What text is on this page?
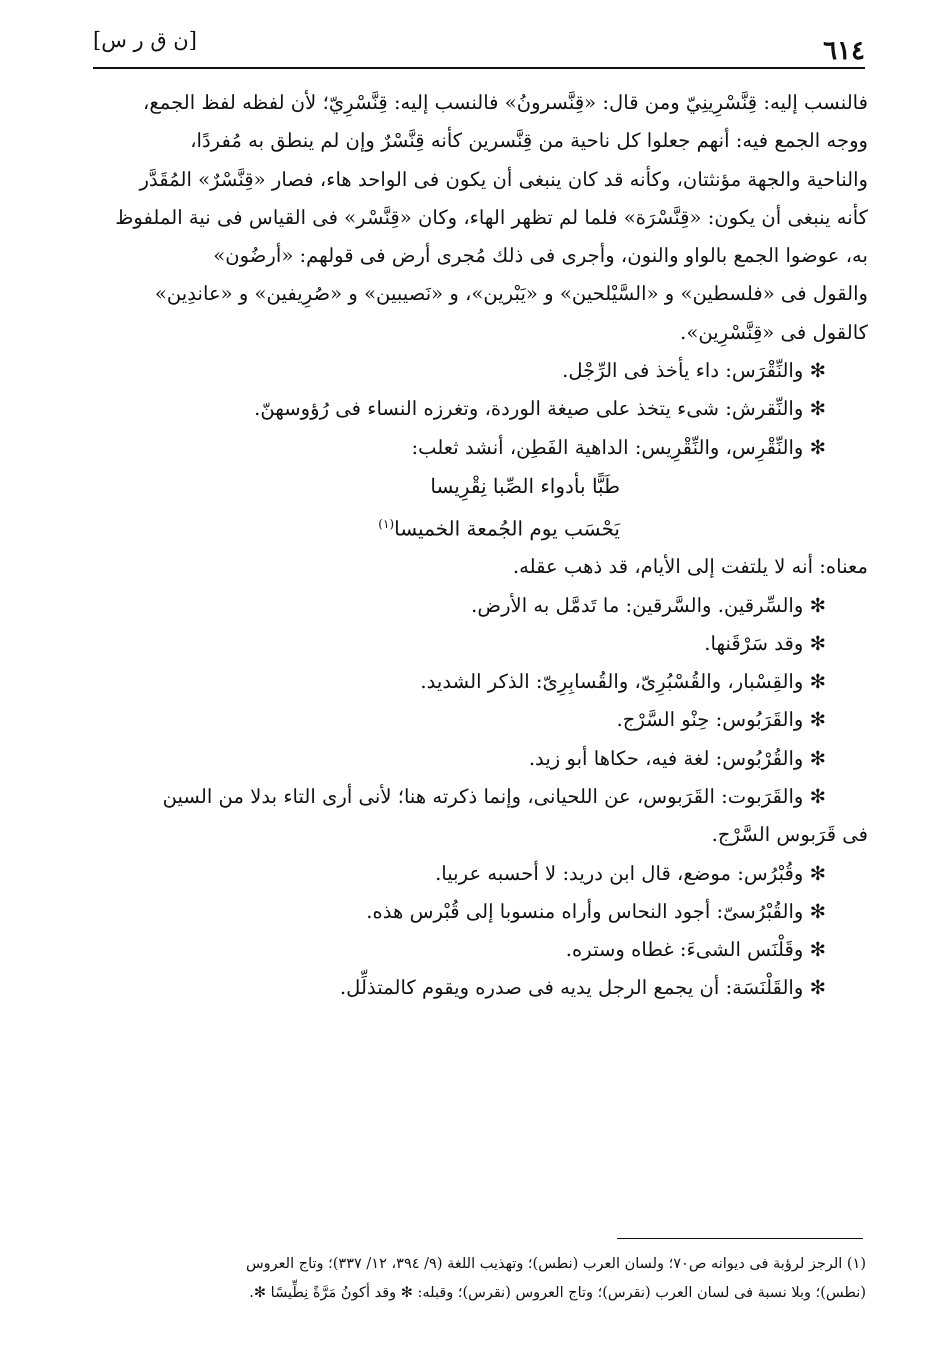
٦١٤
[ن ق ر س]

فالنسب إليه: قِنَّسْرِينِيّ ومن قال: «قِنَّسرونُ» فالنسب إليه: قِنَّسْرِيّ؛ لأن لفظه لفظ الجمع،

ووجه الجمع فيه: أنهم جعلوا كل ناحية من قِنَّسرين كأنه قِنَّسْرٌ وإن لم ينطق به مُفردًا،

والناحية والجهة مؤنثتان، وكأنه قد كان ينبغى أن يكون فى الواحد هاء، فصار «قِنَّسْرٌ» المُقَدَّر

كأنه ينبغى أن يكون: «قِنَّسْرَة» فلما لم تظهر الهاء، وكان «قِنَّسْر» فى القياس فى نية الملفوظ

به، عوضوا الجمع بالواو والنون، وأجرى فى ذلك مُجرى أرض فى قولهم: «أرضُون»

والقول فى «فلسطين» و «السَّيْلحين» و «يَبْرين»، و «نَصيبين» و «صُرِيفين» و «عاندِين»

كالقول فى «قِنَّسْرِين».

✻ والنِّقْرَس: داء يأخذ فى الرِّجْل.

✻ والنِّقرش: شىء يتخذ على صيغة الوردة، وتغرزه النساء فى رُؤوسهنّ.

✻ والنِّقْرِس، والنِّقْرِيس: الداهية الفَطِن، أنشد ثعلب:

طَبًّا بأدواء الصِّبا نِقْرِيسا

يَحْسَب يوم الجُمعة الخميسا$^{(١)}$

معناه: أنه لا يلتفت إلى الأيام، قد ذهب عقله.

✻ والسِّرقين. والسَّرقين: ما تَدمَّل به الأرض.

✻ وقد سَرْقَنها.

✻ والقِسْبار، والقُسْبُرِىّ، والقُسابِرِىّ: الذكر الشديد.

✻ والقَرَبُوس: حِنْو السَّرْج.

✻ والقُرْبُوس: لغة فيه، حكاها أبو زيد.

✻ والقَرَبوت: القَرَبوس، عن اللحيانى، وإنما ذكرته هنا؛ لأنى أرى التاء بدلا من السين

فى قَرَبوس السَّرْج.

✻ وقُبْرُس: موضع، قال ابن دريد: لا أحسبه عربيا.

✻ والقُبْرُسىّ: أجود النحاس وأراه منسوبا إلى قُبْرس هذه.

✻ وقَلْنَس الشىءَ: غطاه وستره.

✻ والقَلْنَسَة: أن يجمع الرجل يديه فى صدره ويقوم كالمتذلِّل.

(١) الرجز لرؤبة فى ديوانه ص٧٠؛ ولسان العرب (نطس)؛ وتهذيب اللغة (٩/ ٣٩٤، ١٢/ ٣٣٧)؛ وتاج العروس
(نطس)؛ وبلا نسبة فى لسان العرب (نقرس)؛ وتاج العروس (نقرس)؛ وقبله: ✻ وقد أكونُ مَرَّةً نِطِّيسًا ✻.
